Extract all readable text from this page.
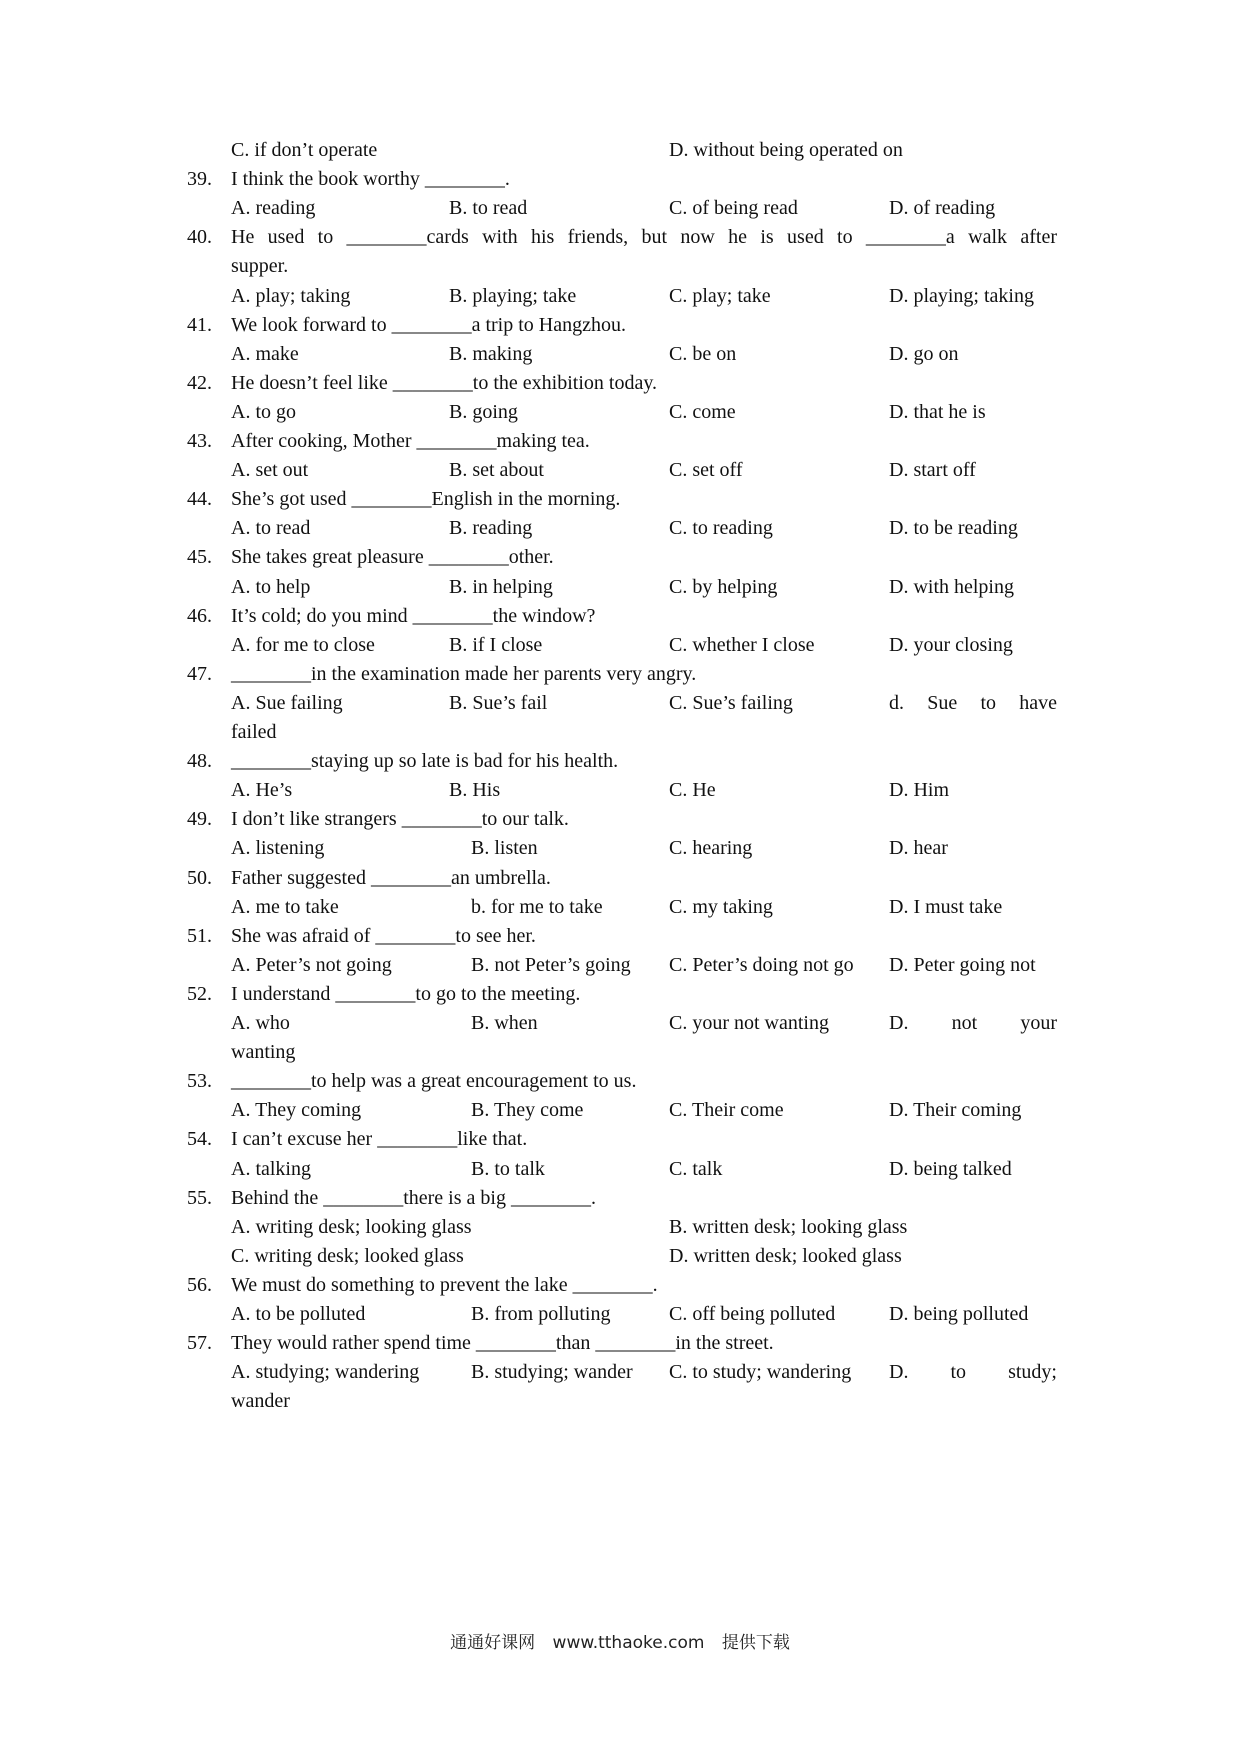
C. if don’t operate	D. without being operated on
39. I think the book worthy ________.
A. reading	B. to read	C. of being read	D. of reading
40. He used to ________cards with his friends, but now he is used to ________a walk after
supper.
A. play; taking	B. playing; take	C. play; take	D. playing; taking
41. We look forward to ________a trip to Hangzhou.
A. make	B. making	C. be on	D. go on
42. He doesn’t feel like ________to the exhibition today.
A. to go	B. going	C. come	D. that he is
43. After cooking, Mother ________making tea.
A. set out	B. set about	C. set off	D. start off
44. She’s got used ________English in the morning.
A. to read	B. reading	C. to reading	D. to be reading
45. She takes great pleasure ________other.
A. to help	B. in helping	C. by helping	D. with helping
46. It’s cold; do you mind ________the window?
A. for me to close	B. if I close	C. whether I close	D. your closing
47. ________in the examination made her parents very angry.
A. Sue failing	B. Sue’s fail	C. Sue’s failing	d. Sue to have
failed
48. ________staying up so late is bad for his health.
A. He’s	B. His	C. He	D. Him
49. I don’t like strangers ________to our talk.
A. listening	B. listen	C. hearing	D. hear
50. Father suggested ________an umbrella.
A. me to take	b. for me to take	C. my taking	D. I must take
51. She was afraid of ________to see her.
A. Peter’s not going	B. not Peter’s going C. Peter’s doing not go D. Peter going not
52. I understand ________to go to the meeting.
A. who	B. when	C. your not wanting	D. not your
wanting
53. ________to help was a great encouragement to us.
A. They coming	B. They come	C. Their come	D. Their coming
54. I can’t excuse her ________like that.
A. talking	B. to talk	C. talk	D. being talked
55. Behind the ________there is a big ________.
A. writing desk; looking glass	B. written desk; looking glass
C. writing desk; looked glass	D. written desk; looked glass
56. We must do something to prevent the lake ________.
A. to be polluted	B. from polluting	C. off being polluted	D. being polluted
57. They would rather spend time ________than ________in the street.
A. studying; wandering	B. studying; wander C. to study; wandering D. to study;
wander
通通好课网 www.tthaoke.com 提供下载
